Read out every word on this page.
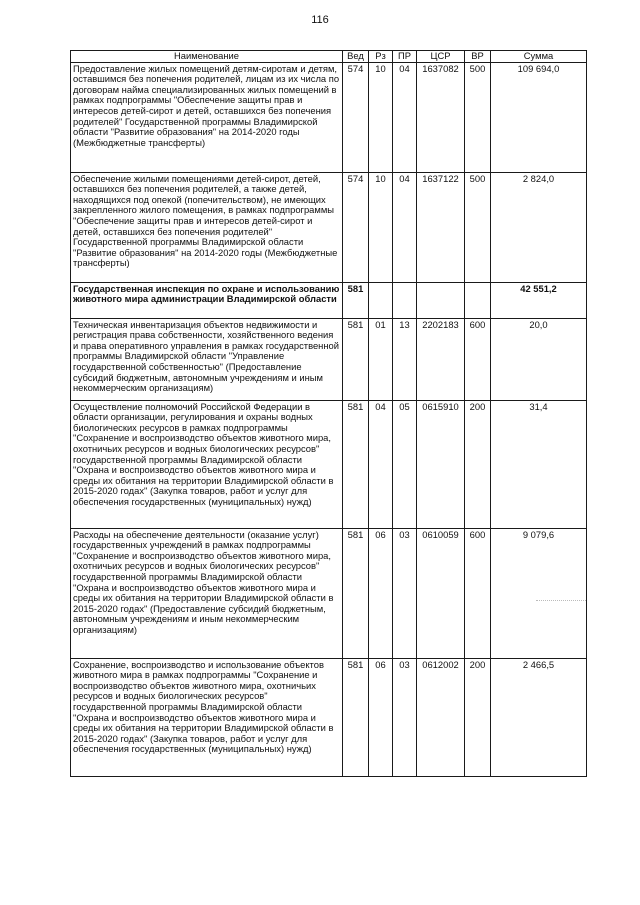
116
Наименование	Вед	Рз	ПР	ЦСР	ВР	Сумма
Предоставление жилых помещений детям-сиротам и детям, оставшимся без попечения родителей, лицам из их числа по договорам найма специализированных жилых помещений в рамках подпрограммы "Обеспечение защиты прав и интересов детей-сирот и детей, оставшихся без попечения родителей" Государственной программы Владимирской области "Развитие образования" на 2014-2020 годы (Межбюджетные трансферты)	574	10	04	1637082	500	109 694,0
Обеспечение жилыми помещениями детей-сирот, детей, оставшихся без попечения родителей, а также детей, находящихся под опекой (попечительством), не имеющих закрепленного жилого помещения, в рамках подпрограммы "Обеспечение защиты прав и интересов детей-сирот и детей, оставшихся без попечения родителей" Государственной программы Владимирской области "Развитие образования" на 2014-2020 годы (Межбюджетные трансферты)	574	10	04	1637122	500	2 824,0
Государственная инспекция по охране и использованию животного мира администрации Владимирской области	581					42 551,2
Техническая инвентаризация объектов недвижимости и регистрация права собственности, хозяйственного ведения и права оперативного управления в рамках государственной программы Владимирской области "Управление государственной собственностью" (Предоставление субсидий бюджетным, автономным учреждениям и иным некоммерческим организациям)	581	01	13	2202183	600	20,0
Осуществление полномочий Российской Федерации в области организации, регулирования и охраны водных биологических ресурсов в рамках подпрограммы "Сохранение и воспроизводство объектов животного мира, охотничьих ресурсов и водных биологических ресурсов" государственной программы Владимирской области "Охрана и воспроизводство объектов животного мира и среды их обитания на территории Владимирской области в 2015-2020 годах" (Закупка товаров, работ и услуг для обеспечения государственных (муниципальных) нужд)	581	04	05	0615910	200	31,4
Расходы на обеспечение деятельности (оказание услуг) государственных учреждений в рамках подпрограммы "Сохранение и воспроизводство объектов животного мира, охотничьих ресурсов и водных биологических ресурсов" государственной программы Владимирской области "Охрана и воспроизводство объектов животного мира и среды их обитания на территории Владимирской области в 2015-2020 годах" (Предоставление субсидий бюджетным, автономным учреждениям и иным некоммерческим организациям)	581	06	03	0610059	600	9 079,6
Сохранение, воспроизводство и использование объектов животного мира в рамках подпрограммы "Сохранение и воспроизводство объектов животного мира, охотничьих ресурсов и водных биологических ресурсов" государственной программы Владимирской области "Охрана и воспроизводство объектов животного мира и среды их обитания на территории Владимирской области в 2015-2020 годах" (Закупка товаров, работ и услуг для обеспечения государственных (муниципальных) нужд)	581	06	03	0612002	200	2 466,5
